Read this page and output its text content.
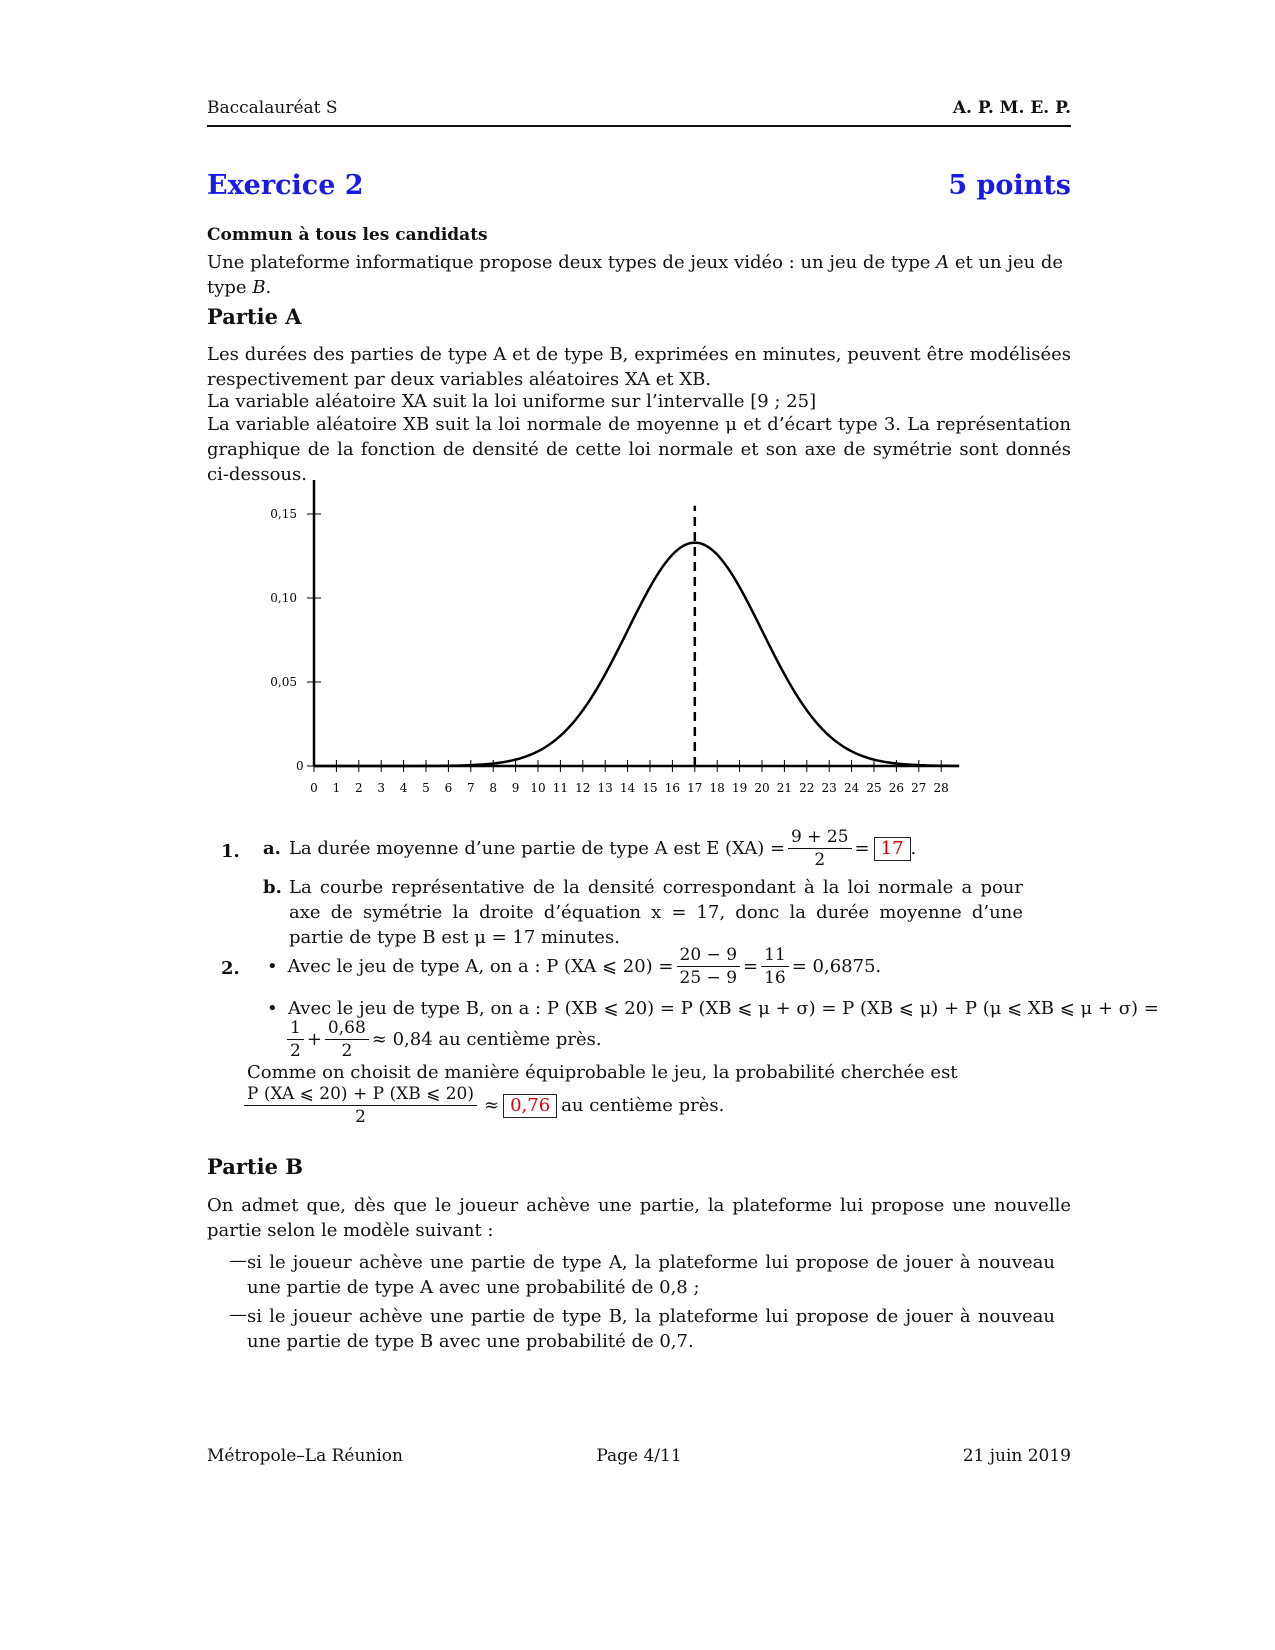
Baccalauréat S	A. P. M. E. P.
Exercice 2	5 points
Commun à tous les candidats

Une plateforme informatique propose deux types de jeux vidéo : un jeu de type A et un jeu de type B.

Partie A

Les durées des parties de type A et de type B, exprimées en minutes, peuvent être modélisées respectivement par deux variables aléatoires XA et XB.

La variable aléatoire XA suit la loi uniforme sur l’intervalle [9 ; 25]

La variable aléatoire XB suit la loi normale de moyenne μ et d’écart type 3. La représentation graphique de la fonction de densité de cette loi normale et son axe de symétrie sont donnés ci-dessous.

0 1 2 3 4 5 6 7 8 9 10 11 12 13 14 15 16 17 18 19 20 21 22 23 24 25 26 27 28
0
0,05
0,10
0,15
1. a. La durée moyenne d’une partie de type A est E $(XA) = \frac{9 + 25}{2} = 17$ .
b. La courbe représentative de la densité correspondant à la loi normale a pour axe de symétrie la droite d’équation x = 17, donc la durée moyenne d’une partie de type B est μ = 17 minutes.
2. • Avec le jeu de type A, on a : P (XA ⩽ $20) = \frac{20 - 9}{25 - 9} = \frac{11}{16} = 0,6875$.
• Avec le jeu de type B, on a : P (XB ⩽ 20) = P (XB ⩽ μ + σ) = P (XB ⩽ μ) + P (μ ⩽ XB ⩽ μ + σ) =
$\frac{1}{2} + \frac{0,68}{2} \approx 0,84$ au centième près.
Comme on choisit de manière équiprobable le jeu, la probabilité cherchée est
$\frac{P (XA ⩽ 20) + P (XB ⩽ 20)}{2} \approx 0,76$ au centième près.
Partie B

On admet que, dès que le joueur achève une partie, la plateforme lui propose une nouvelle partie selon le modèle suivant :

— si le joueur achève une partie de type A, la plateforme lui propose de jouer à nouveau une partie de type A avec une probabilité de 0,8 ;

— si le joueur achève une partie de type B, la plateforme lui propose de jouer à nouveau une partie de type B avec une probabilité de 0,7.

Métropole–La Réunion	Page 4/11	21 juin 2019
